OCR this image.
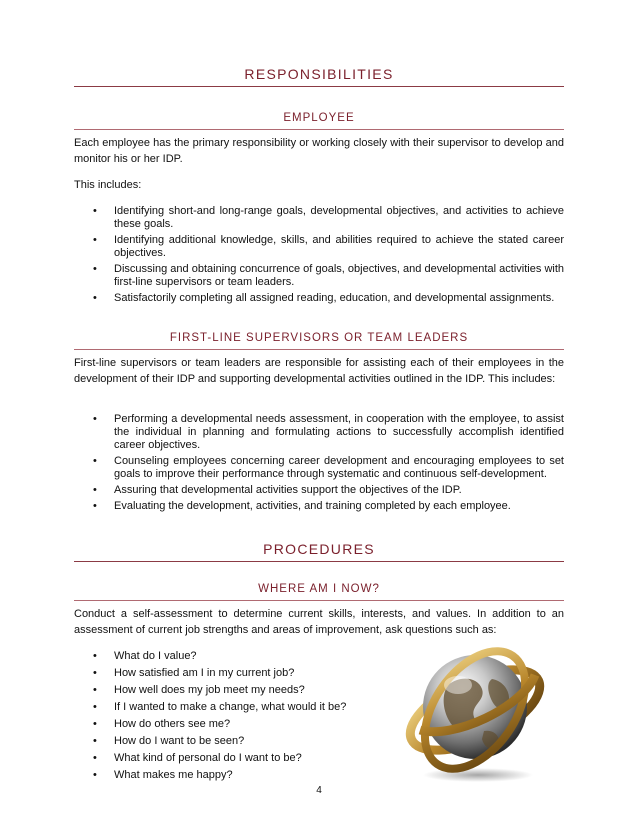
RESPONSIBILITIES
EMPLOYEE

Each employee has the primary responsibility or working closely with their supervisor to develop and monitor his or her IDP.

This includes:

• Identifying short-and long-range goals, developmental objectives, and activities to achieve these goals.
• Identifying additional knowledge, skills, and abilities required to achieve the stated career objectives.
• Discussing and obtaining concurrence of goals, objectives, and developmental activities with first-line supervisors or team leaders.
• Satisfactorily completing all assigned reading, education, and developmental assignments.
FIRST-LINE SUPERVISORS OR TEAM LEADERS

First-line supervisors or team leaders are responsible for assisting each of their employees in the development of their IDP and supporting developmental activities outlined in the IDP. This includes:

• Performing a developmental needs assessment, in cooperation with the employee, to assist the individual in planning and formulating actions to successfully accomplish identified career objectives.
• Counseling employees concerning career development and encouraging employees to set goals to improve their performance through systematic and continuous self-development.
• Assuring that developmental activities support the objectives of the IDP.
• Evaluating the development, activities, and training completed by each employee.
PROCEDURES
WHERE AM I NOW?

Conduct a self-assessment to determine current skills, interests, and values. In addition to an assessment of current job strengths and areas of improvement, ask questions such as:

• What do I value?
• How satisfied am I in my current job?
• How well does my job meet my needs?
• If I wanted to make a change, what would it be?
• How do others see me?
• How do I want to be seen?
• What kind of personal do I want to be?
• What makes me happy?
4
